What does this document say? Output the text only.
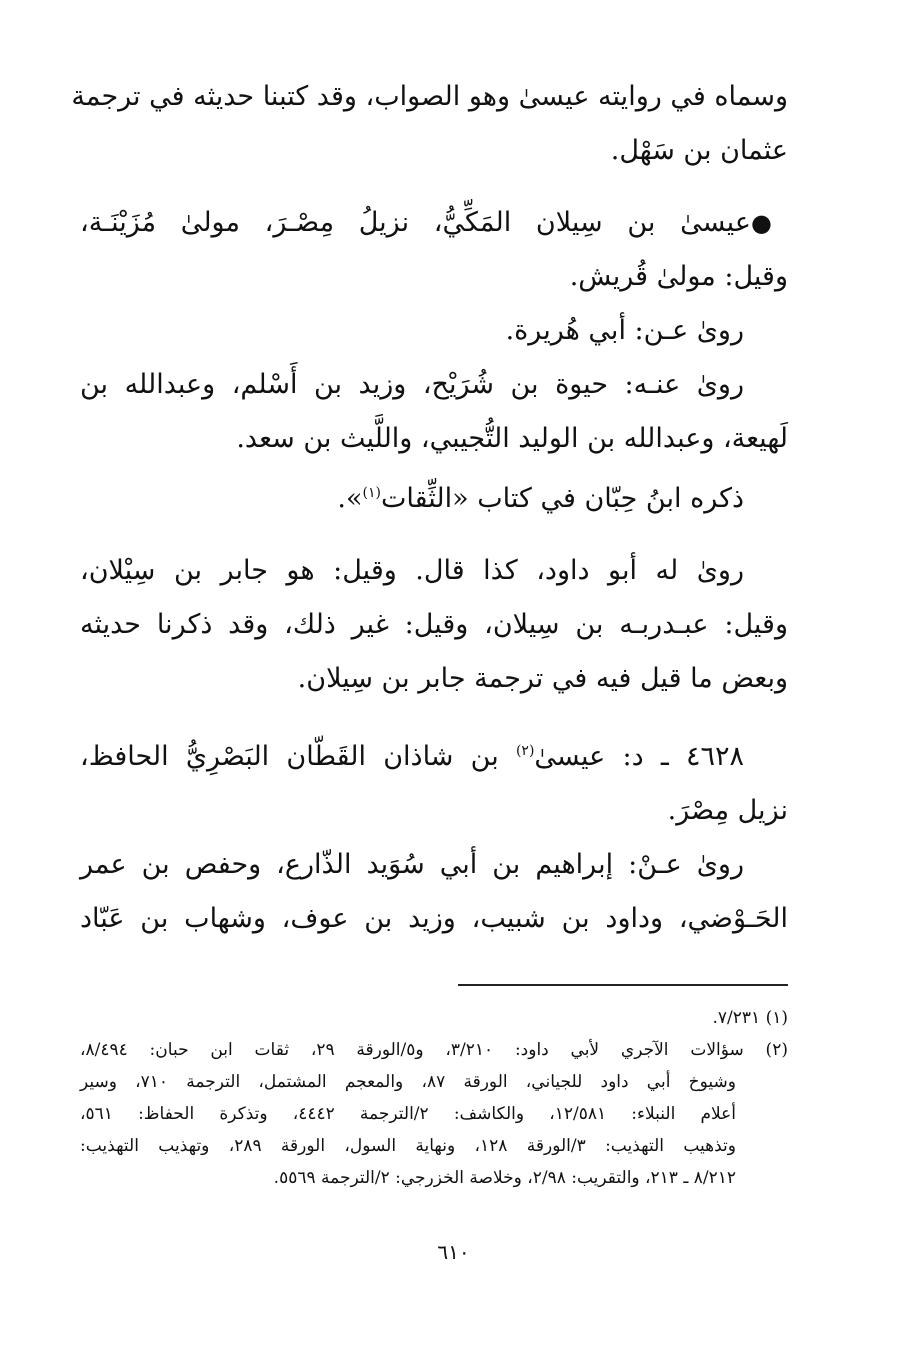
وسماه في روايته عيسىٰ وهو الصواب، وقد كتبنا حديثه في ترجمة
عثمان بن سَهْل.
●عيسىٰ بن سِيلان المَكِّيُّ، نزيلُ مِصْـرَ، مولىٰ مُزَيْنَـة،
وقيل: مولىٰ قُريش.
روىٰ عـن: أبي هُريرة.
روىٰ عنـه: حيوة بن شُرَيْح، وزيد بن أَسْلم، وعبدالله بن
لَهيعة، وعبدالله بن الوليد التُّجيبي، واللَّيث بن سعد.
ذكره ابنُ حِبّان في كتاب «الثِّقات$^{(١)}$».
روىٰ له أبو داود، كذا قال. وقيل: هو جابر بن سِيْلان،
وقيل: عبـدربـه بن سِيلان، وقيل: غير ذلك، وقد ذكرنا حديثه
وبعض ما قيل فيه في ترجمة جابر بن سِيلان.
٤٦٢٨ ـ د: عيسىٰ$^{(٢)}$ بن شاذان القَطّان البَصْرِيُّ الحافظ،
نزيل مِصْرَ.
روىٰ عـنْ: إبراهيم بن أبي سُوَيد الذّارع، وحفص بن عمر
الحَـوْضي، وداود بن شبيب، وزيد بن عوف، وشهاب بن عَبّاد
(١) ٧/٢٣١.
(٢) سؤالات الآجري لأبي داود: ٣/٢١٠، و٥/الورقة ٢٩، ثقات ابن حبان: ٨/٤٩٤،
وشيوخ أبي داود للجياني، الورقة ٨٧، والمعجم المشتمل، الترجمة ٧١٠، وسير
أعلام النبلاء: ١٢/٥٨١، والكاشف: ٢/الترجمة ٤٤٤٢، وتذكرة الحفاظ: ٥٦١،
وتذهيب التهذيب: ٣/الورقة ١٢٨، ونهاية السول، الورقة ٢٨٩، وتهذيب التهذيب:
٨/٢١٢ ـ ٢١٣، والتقريب: ٢/٩٨، وخلاصة الخزرجي: ٢/الترجمة ٥٥٦٩.
٦١٠
